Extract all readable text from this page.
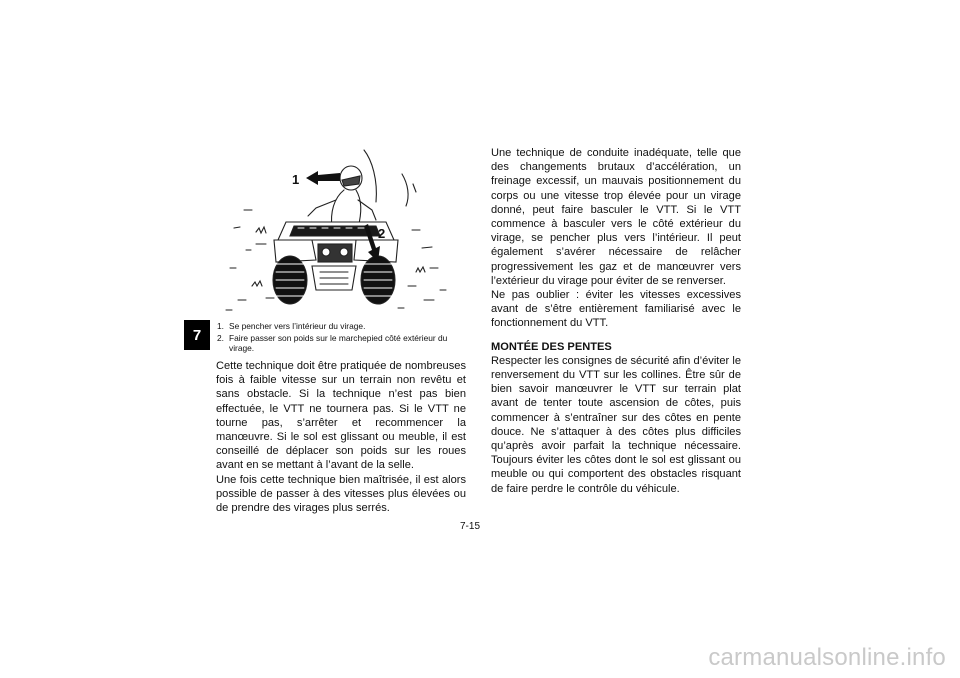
7
1
2
1. Se pencher vers l’intérieur du virage.
2. Faire passer son poids sur le marchepied côté extérieur du virage.

Cette technique doit être pratiquée de nombreuses fois à faible vitesse sur un terrain non revêtu et sans obstacle. Si la technique n’est pas bien effectuée, le VTT ne tournera pas. Si le VTT ne tourne pas, s’arrêter et recommencer la manœuvre. Si le sol est glissant ou meuble, il est conseillé de déplacer son poids sur les roues avant en se mettant à l’avant de la selle.

Une fois cette technique bien maîtrisée, il est alors possible de passer à des vitesses plus élevées ou de prendre des virages plus serrés.

Une technique de conduite inadéquate, telle que des changements brutaux d’accélération, un freinage excessif, un mauvais positionnement du corps ou une vitesse trop élevée pour un virage donné, peut faire basculer le VTT. Si le VTT commence à basculer vers le côté extérieur du virage, se pencher plus vers l’intérieur. Il peut également s’avérer nécessaire de relâcher progressivement les gaz et de manœuvrer vers l’extérieur du virage pour éviter de se renverser.

Ne pas oublier : éviter les vitesses excessives avant de s’être entièrement familiarisé avec le fonctionnement du VTT.

MONTÉE DES PENTES

Respecter les consignes de sécurité afin d’éviter le renversement du VTT sur les collines. Être sûr de bien savoir manœuvrer le VTT sur terrain plat avant de tenter toute ascension de côtes, puis commencer à s’entraîner sur des côtes en pente douce. Ne s’attaquer à des côtes plus difficiles qu’après avoir parfait la technique nécessaire. Toujours éviter les côtes dont le sol est glissant ou meuble ou qui comportent des obstacles risquant de faire perdre le contrôle du véhicule.

7-15
carmanualsonline.info
